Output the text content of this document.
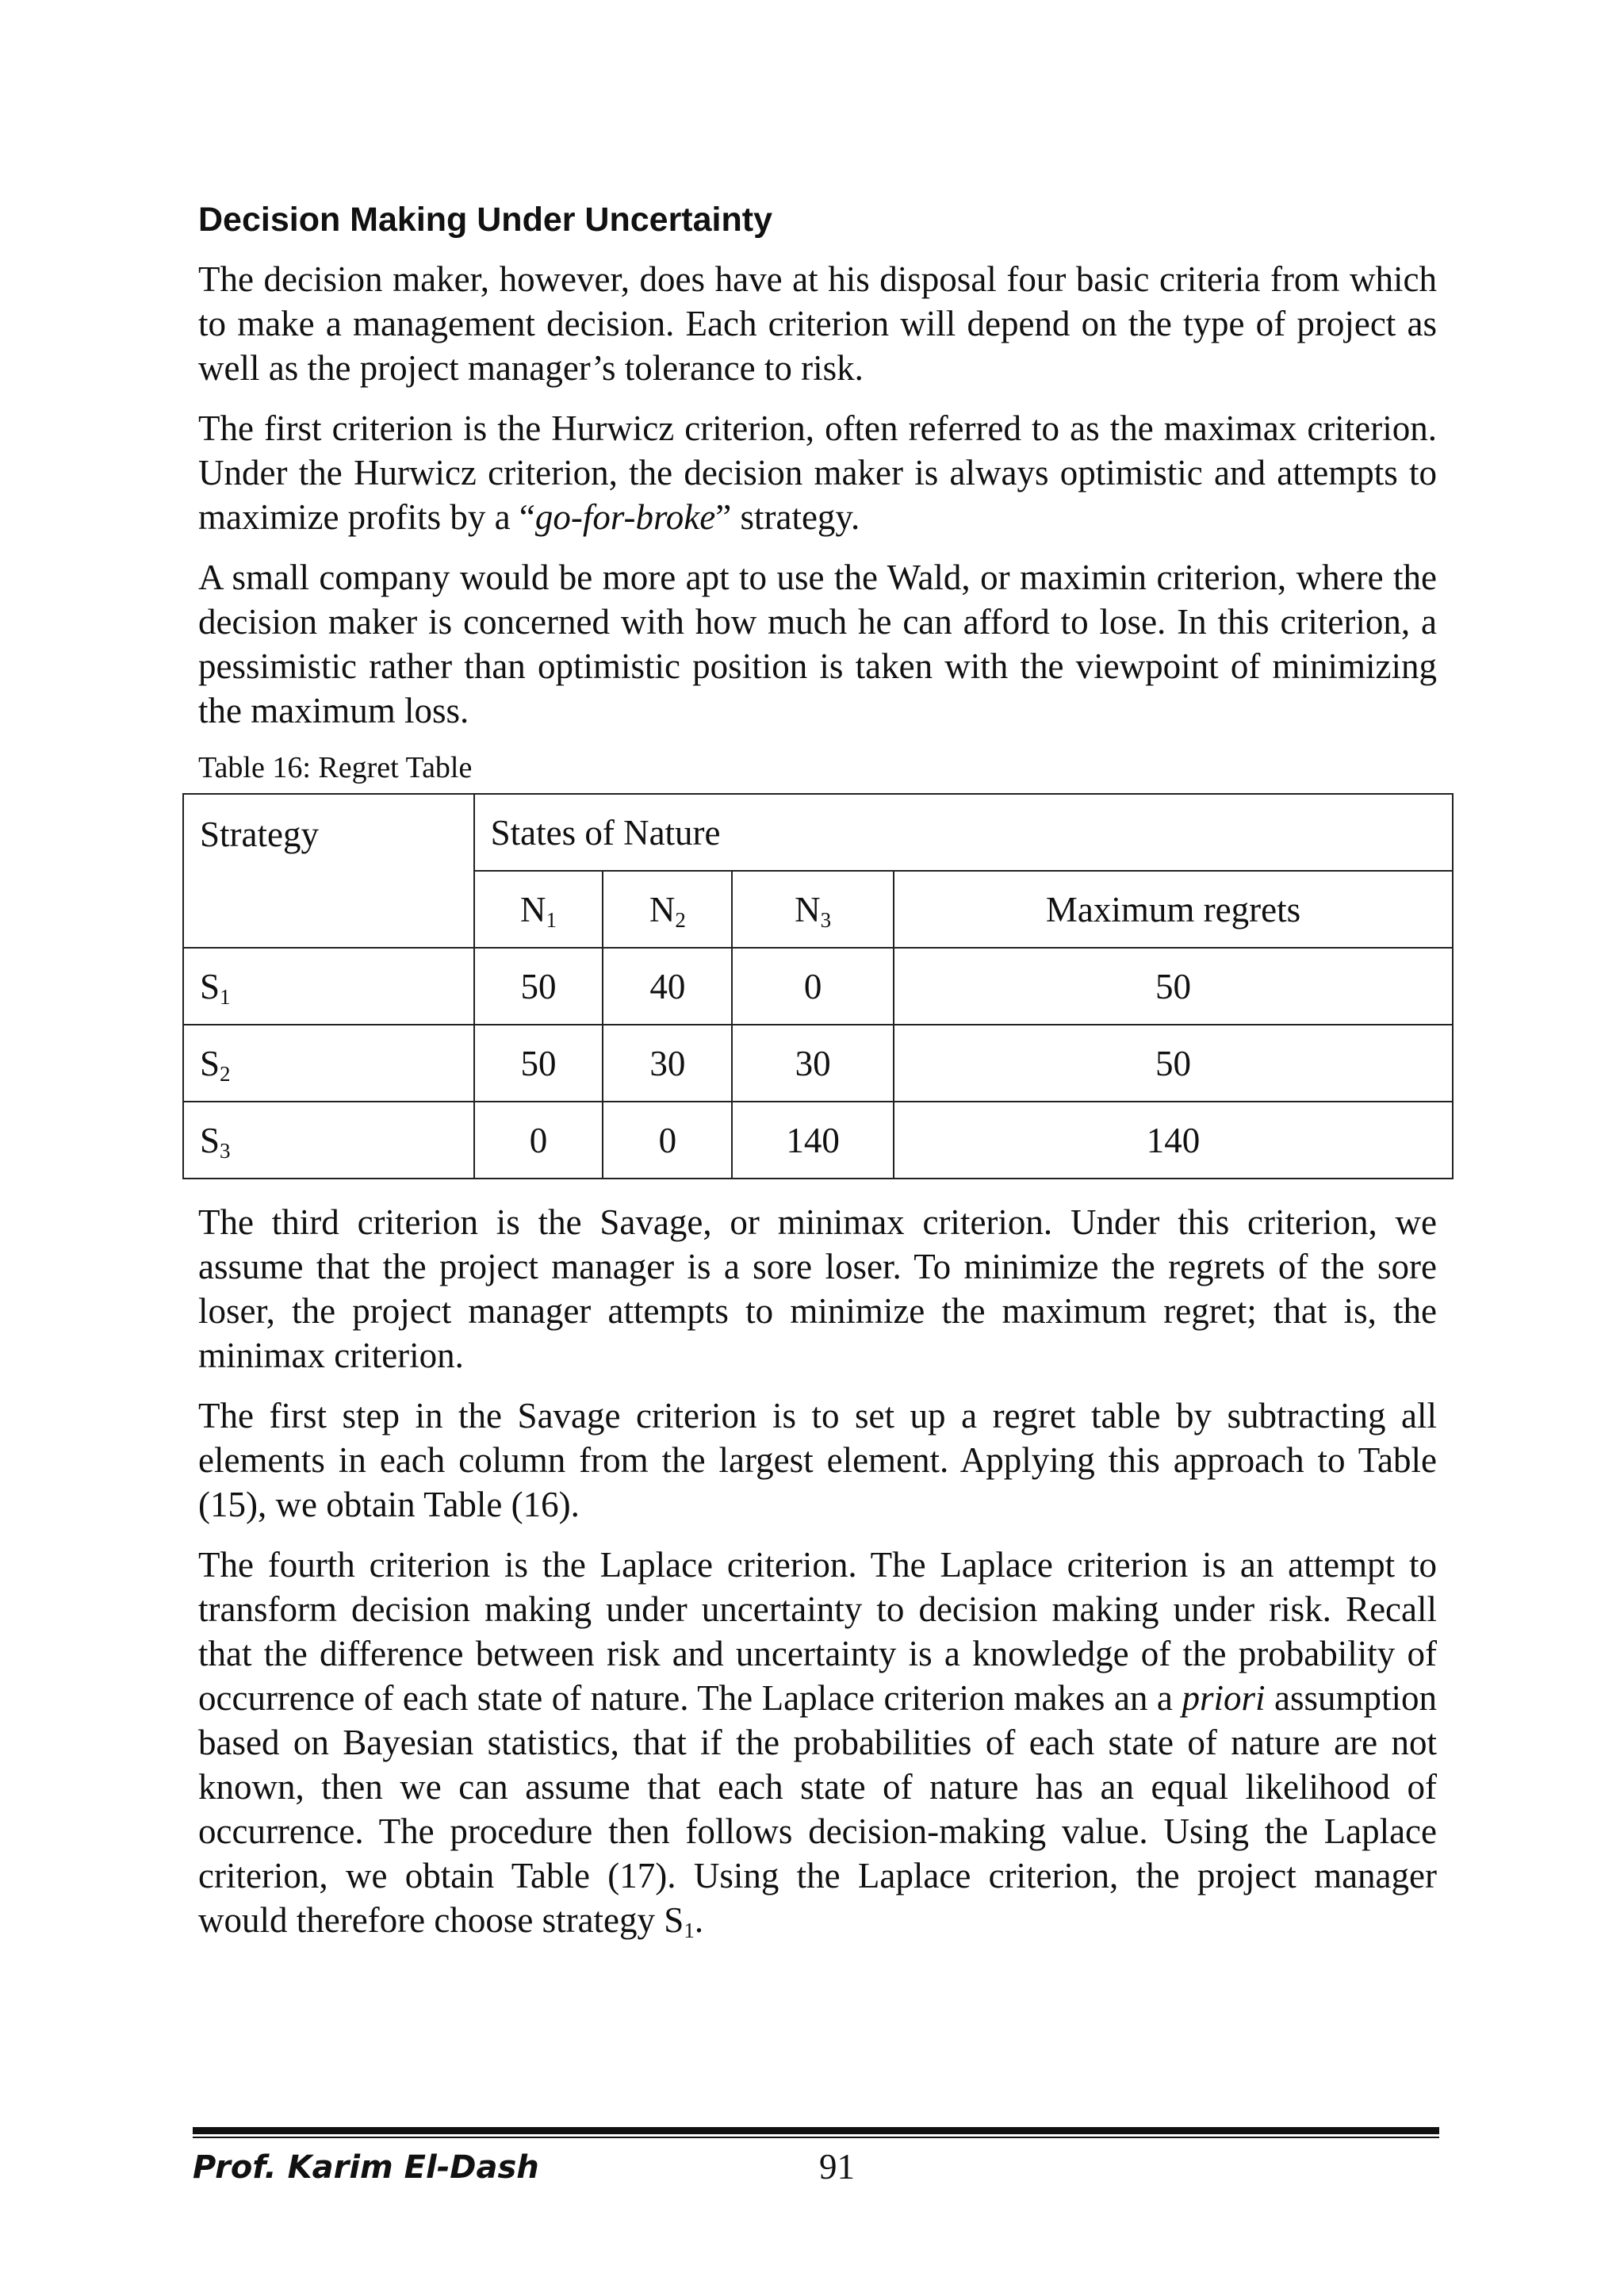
Decision Making Under Uncertainty

The decision maker, however, does have at his disposal four basic criteria from which to make a management decision. Each criterion will depend on the type of project as well as the project manager’s tolerance to risk.

The first criterion is the Hurwicz criterion, often referred to as the maximax criterion. Under the Hurwicz criterion, the decision maker is always optimistic and attempts to maximize profits by a “go-for-broke” strategy.

A small company would be more apt to use the Wald, or maximin criterion, where the decision maker is concerned with how much he can afford to lose. In this criterion, a pessimistic rather than optimistic position is taken with the viewpoint of minimizing the maximum loss.

Table 16: Regret Table
Strategy	States of Nature			
	$N_1$	$N_2$	$N_3$	Maximum regrets
$S_1$	50	40	0	50
$S_2$	50	30	30	50
$S_3$	0	0	140	140

The third criterion is the Savage, or minimax criterion. Under this criterion, we assume that the project manager is a sore loser. To minimize the regrets of the sore loser, the project manager attempts to minimize the maximum regret; that is, the minimax criterion.

The first step in the Savage criterion is to set up a regret table by subtracting all elements in each column from the largest element. Applying this approach to Table (15), we obtain Table (16).

The fourth criterion is the Laplace criterion. The Laplace criterion is an attempt to transform decision making under uncertainty to decision making under risk. Recall that the difference between risk and uncertainty is a knowledge of the probability of occurrence of each state of nature. The Laplace criterion makes an a priori assumption based on Bayesian statistics, that if the probabilities of each state of nature are not known, then we can assume that each state of nature has an equal likelihood of occurrence. The procedure then follows decision-making value. Using the Laplace criterion, we obtain Table (17). Using the Laplace criterion, the project manager would therefore choose strategy $S_1$.

Prof. Karim El-Dash	91
